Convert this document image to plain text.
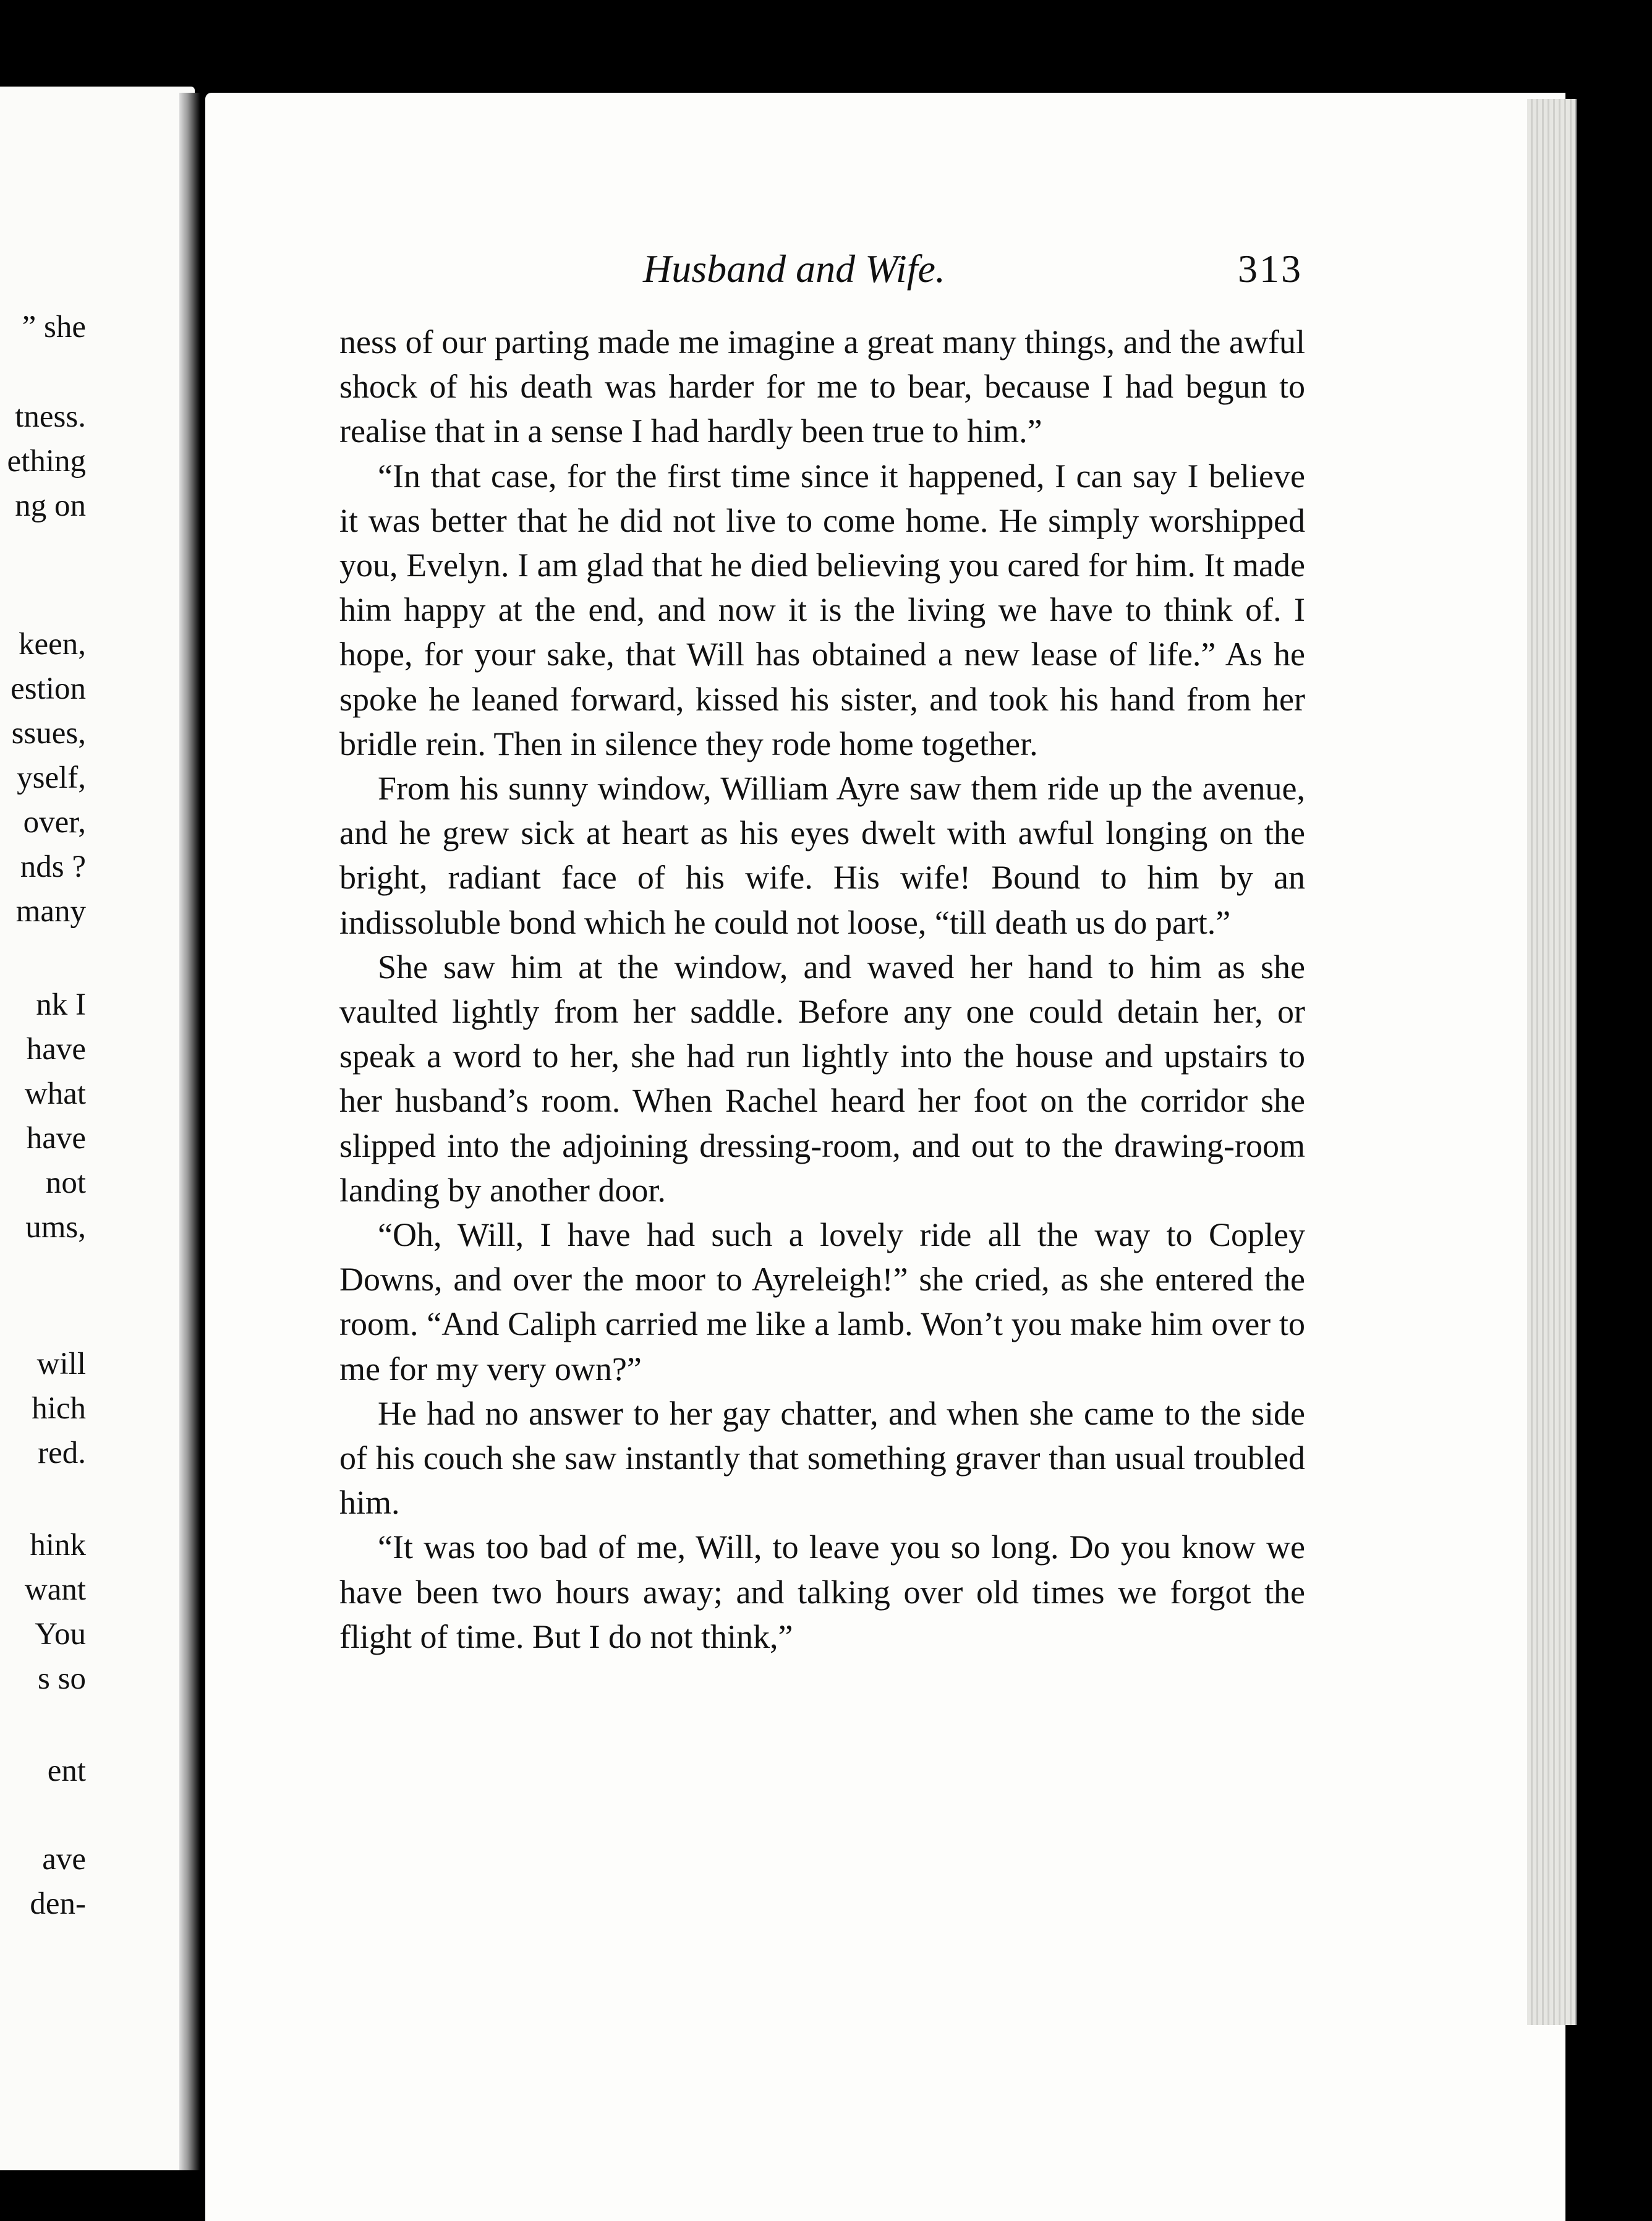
” she
tness.
ething
ng on
keen,
estion
ssues,
yself,
over,
nds ?
many
nk I
have
what
have
not
ums,
will
hich
red.
hink
want
You
s so
ent
ave
den-
Husband and Wife.	313

ness of our parting made me imagine a great many things, and the awful shock of his death was harder for me to bear, because I had begun to realise that in a sense I had hardly been true to him.”

“In that case, for the first time since it happened, I can say I believe it was better that he did not live to come home. He simply worshipped you, Evelyn. I am glad that he died believing you cared for him. It made him happy at the end, and now it is the living we have to think of. I hope, for your sake, that Will has obtained a new lease of life.” As he spoke he leaned forward, kissed his sister, and took his hand from her bridle rein. Then in silence they rode home together.

From his sunny window, William Ayre saw them ride up the avenue, and he grew sick at heart as his eyes dwelt with awful longing on the bright, radiant face of his wife. His wife! Bound to him by an indissoluble bond which he could not loose, “till death us do part.”

She saw him at the window, and waved her hand to him as she vaulted lightly from her saddle. Before any one could detain her, or speak a word to her, she had run lightly into the house and upstairs to her husband’s room. When Rachel heard her foot on the corridor she slipped into the adjoining dressing-room, and out to the drawing-room landing by another door.

“Oh, Will, I have had such a lovely ride all the way to Copley Downs, and over the moor to Ayreleigh!” she cried, as she entered the room. “And Caliph carried me like a lamb. Won’t you make him over to me for my very own?”

He had no answer to her gay chatter, and when she came to the side of his couch she saw instantly that something graver than usual troubled him.

“It was too bad of me, Will, to leave you so long. Do you know we have been two hours away; and talking over old times we forgot the flight of time. But I do not think,”
